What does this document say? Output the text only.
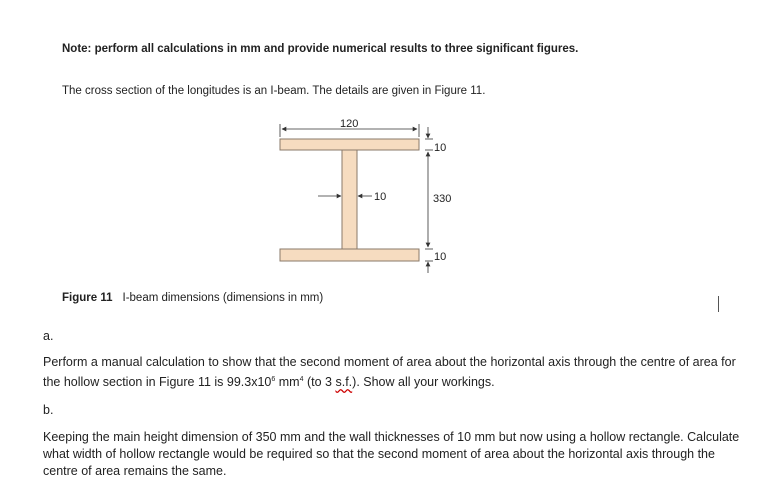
Note: perform all calculations in mm and provide numerical results to three significant figures.
The cross section of the longitudes is an I-beam. The details are given in Figure 11.
120
10
330
10
10
Figure 11 I-beam dimensions (dimensions in mm)
a.
Perform a manual calculation to show that the second moment of area about the horizontal axis through the centre of area for the hollow section in Figure 11 is $99.3x10^6$ $mm^4$ (to 3 s.f.). Show all your workings.
b.
Keeping the main height dimension of 350 mm and the wall thicknesses of 10 mm but now using a hollow rectangle. Calculate what width of hollow rectangle would be required so that the second moment of area about the horizontal axis through the centre of area remains the same.
